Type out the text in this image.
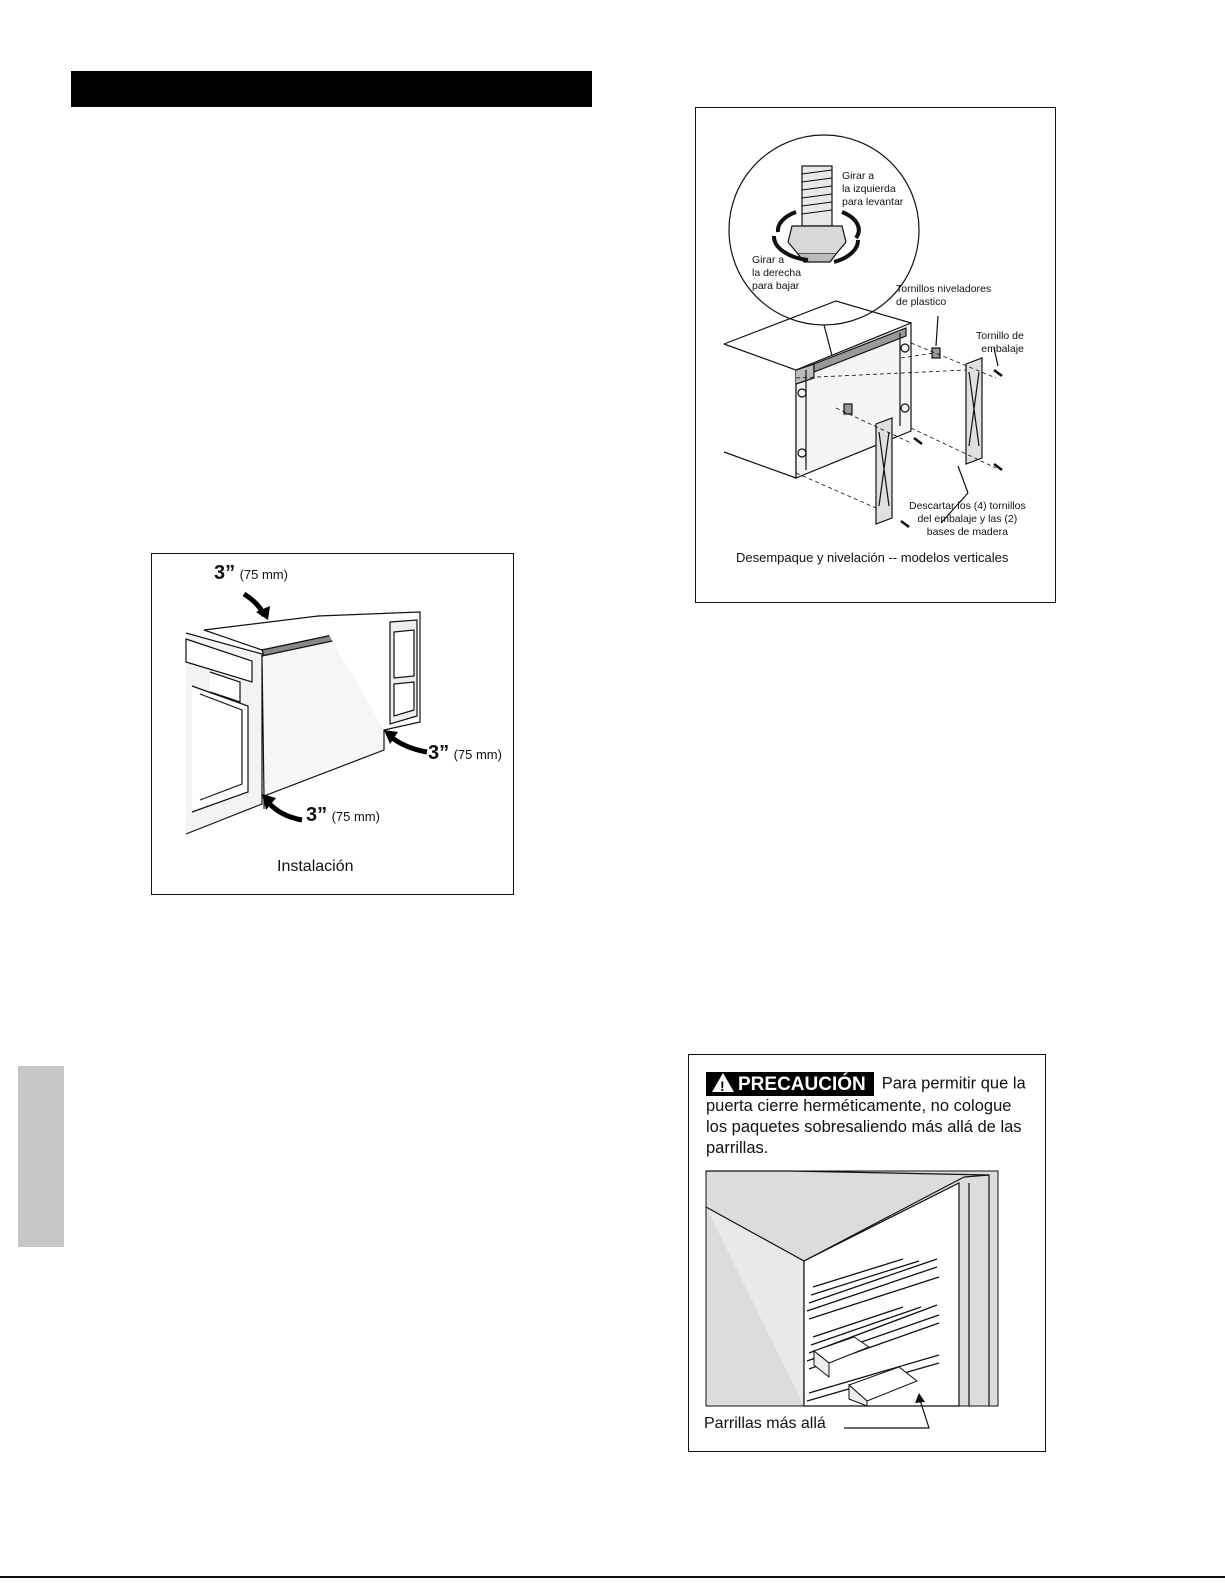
Girar a
la izquierda
para levantar
Girar a
la derecha
para bajar	Tornillos niveladores
de plastico
Tornillo de
embalaje
Descartar los (4) tornillos
del embalaje y las (2)
bases de madera
Desempaque y nivelación -- modelos verticales
3” (75 mm)
3” (75 mm)
3” (75 mm)
Instalación
!PRECAUCIÓN Para permitir que la puerta cierre herméticamente, no cologue los paquetes sobresaliendo más allá de las parrillas.
Parrillas más allá
